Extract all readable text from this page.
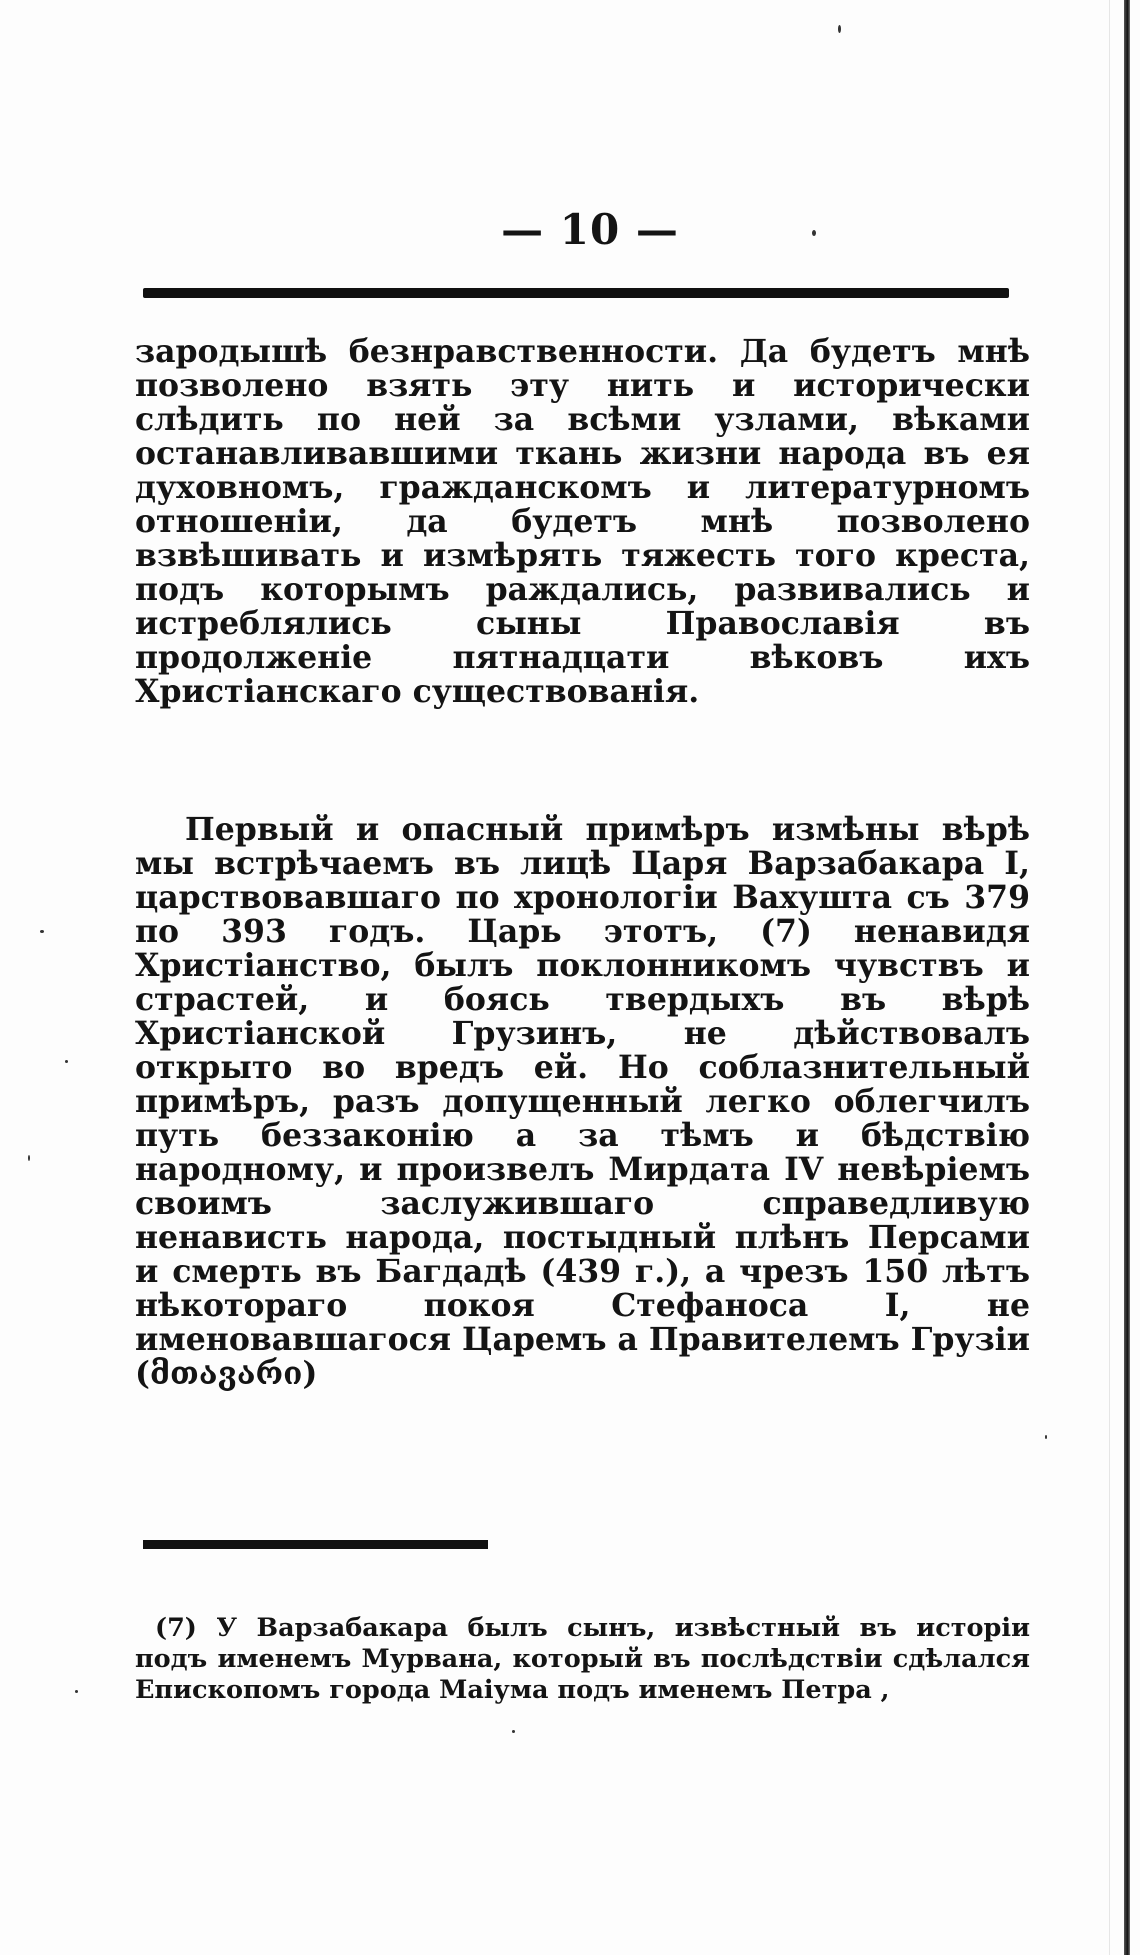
— 10 —

зародышѣ безнравственности. Да будетъ мнѣ позволено взять эту нить и исторически слѣдить по ней за всѣми узлами, вѣками останавливавшими ткань жизни народа въ ея духовномъ, гражданскомъ и литературномъ отношеніи, да будетъ мнѣ позволено взвѣшивать и измѣрять тяжесть того креста, подъ которымъ раждались, развивались и истреблялись сыны Православія въ продолженіе пятнадцати вѣковъ ихъ Христіанскаго существованія.

Первый и опасный примѣръ измѣны вѣрѣ мы встрѣчаемъ въ лицѣ Царя Варзабакара I, царствовавшаго по хронологіи Вахушта съ 379 по 393 годъ. Царь этотъ, (7) ненавидя Христіанство, былъ поклонникомъ чувствъ и страстей, и боясь твердыхъ въ вѣрѣ Христіанской Грузинъ, не дѣйствовалъ открыто во вредъ ей. Но соблазнительный примѣръ, разъ допущенный легко облегчилъ путь беззаконію а за тѣмъ и бѣдствію народному, и произвелъ Мирдата IV невѣріемъ своимъ заслужившаго справедливую ненависть народа, постыдный плѣнъ Персами и смерть въ Багдадѣ (439 г.), а чрезъ 150 лѣтъ нѣкотораго покоя Стефаноса I, не именовавшагося Царемъ а Правителемъ Грузіи (მთავარი)

(7) У Варзабакара былъ сынъ, извѣстный въ исторіи подъ именемъ Мурвана, который въ послѣдствіи сдѣлался Епископомъ города Маіума подъ именемъ Петра ,
